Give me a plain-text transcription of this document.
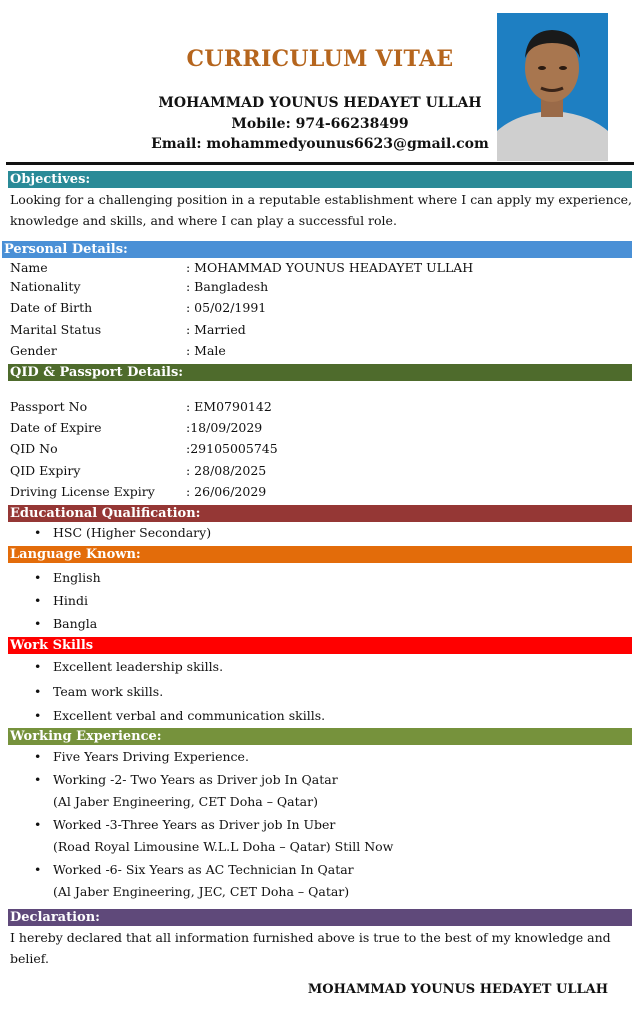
CURRICULUM VITAE
MOHAMMAD YOUNUS HEDAYET ULLAH
Mobile: 974-66238499
Email: mohammedyounus6623@gmail.com
Objectives:
Looking for a challenging position in a reputable establishment where I can apply my experience, knowledge and skills, and where I can play a successful role.
Personal Details:
Name	: MOHAMMAD YOUNUS HEADAYET ULLAH
Nationality	: Bangladesh
Date of Birth	: 05/02/1991
Marital Status	: Married
Gender	: Male
QID & Passport Details:
Passport No	: EM0790142
Date of Expire	:18/09/2029
QID No	:29105005745
QID Expiry	: 28/08/2025
Driving License Expiry	: 26/06/2029
Educational Qualification:
• HSC (Higher Secondary)
Language Known:
• English
• Hindi
• Bangla
Work Skills
• Excellent leadership skills.
• Team work skills.
• Excellent verbal and communication skills.
Working Experience:
• Five Years Driving Experience.
• Working -2- Two Years as Driver job In Qatar
(Al Jaber Engineering, CET Doha – Qatar)
• Worked -3-Three Years as Driver job In Uber
(Road Royal Limousine W.L.L Doha – Qatar) Still Now
• Worked -6- Six Years as AC Technician In Qatar
(Al Jaber Engineering, JEC, CET Doha – Qatar)
Declaration:
I hereby declared that all information furnished above is true to the best of my knowledge and belief.
MOHAMMAD YOUNUS HEDAYET ULLAH
